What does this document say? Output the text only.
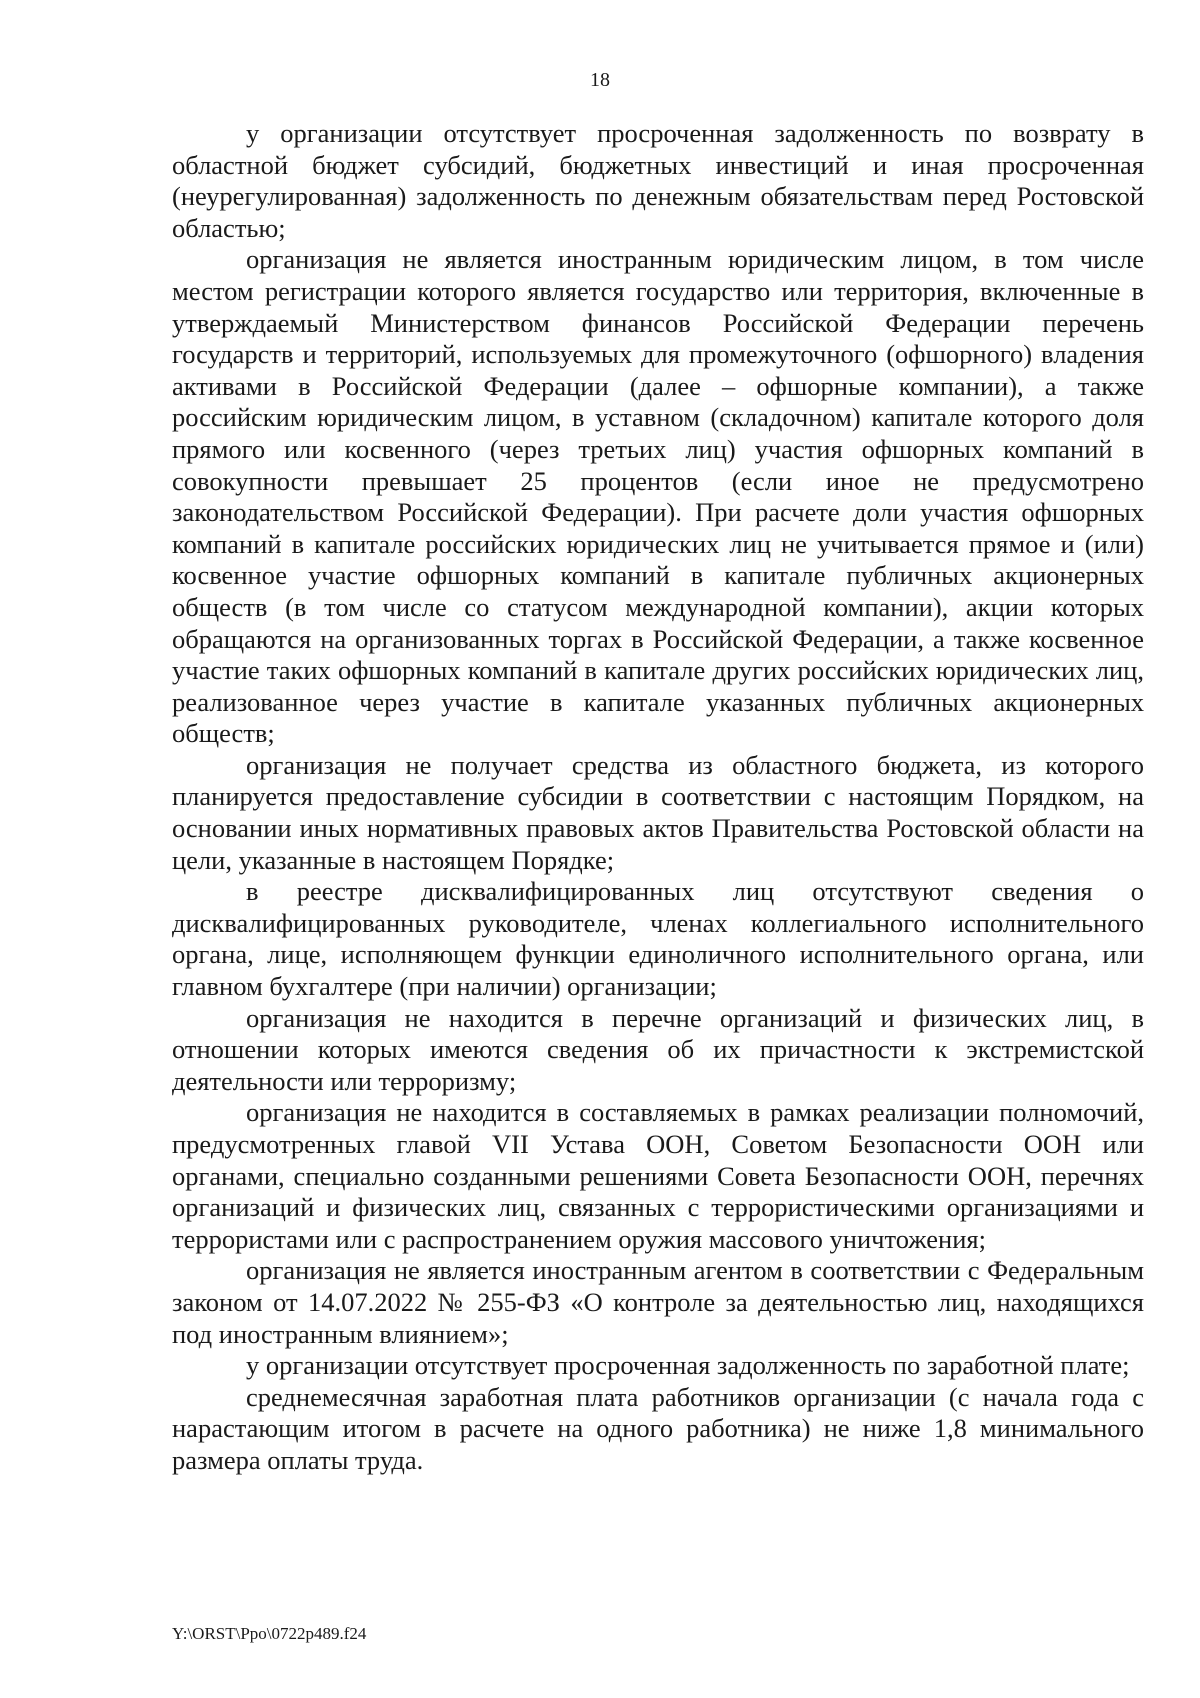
18

у организации отсутствует просроченная задолженность по возврату в областной бюджет субсидий, бюджетных инвестиций и иная просроченная (неурегулированная) задолженность по денежным обязательствам перед Ростовской областью;

организация не является иностранным юридическим лицом, в том числе местом регистрации которого является государство или территория, включенные в утверждаемый Министерством финансов Российской Федерации перечень государств и территорий, используемых для промежуточного (офшорного) владения активами в Российской Федерации (далее – офшорные компании), а также российским юридическим лицом, в уставном (складочном) капитале которого доля прямого или косвенного (через третьих лиц) участия офшорных компаний в совокупности превышает 25 процентов (если иное не предусмотрено законодательством Российской Федерации). При расчете доли участия офшорных компаний в капитале российских юридических лиц не учитывается прямое и (или) косвенное участие офшорных компаний в капитале публичных акционерных обществ (в том числе со статусом международной компании), акции которых обращаются на организованных торгах в Российской Федерации, а также косвенное участие таких офшорных компаний в капитале других российских юридических лиц, реализованное через участие в капитале указанных публичных акционерных обществ;

организация не получает средства из областного бюджета, из которого планируется предоставление субсидии в соответствии с настоящим Порядком, на основании иных нормативных правовых актов Правительства Ростовской области на цели, указанные в настоящем Порядке;

в реестре дисквалифицированных лиц отсутствуют сведения о дисквалифицированных руководителе, членах коллегиального исполнительного органа, лице, исполняющем функции единоличного исполнительного органа, или главном бухгалтере (при наличии) организации;

организация не находится в перечне организаций и физических лиц, в отношении которых имеются сведения об их причастности к экстремистской деятельности или терроризму;

организация не находится в составляемых в рамках реализации полномочий, предусмотренных главой VII Устава ООН, Советом Безопасности ООН или органами, специально созданными решениями Совета Безопасности ООН, перечнях организаций и физических лиц, связанных с террористическими организациями и террористами или с распространением оружия массового уничтожения;

организация не является иностранным агентом в соответствии с Федеральным законом от 14.07.2022 № 255-ФЗ «О контроле за деятельностью лиц, находящихся под иностранным влиянием»;

у организации отсутствует просроченная задолженность по заработной плате;

среднемесячная заработная плата работников организации (с начала года с нарастающим итогом в расчете на одного работника) не ниже 1,8 минимального размера оплаты труда.

Y:\ORST\Ppo\0722p489.f24
